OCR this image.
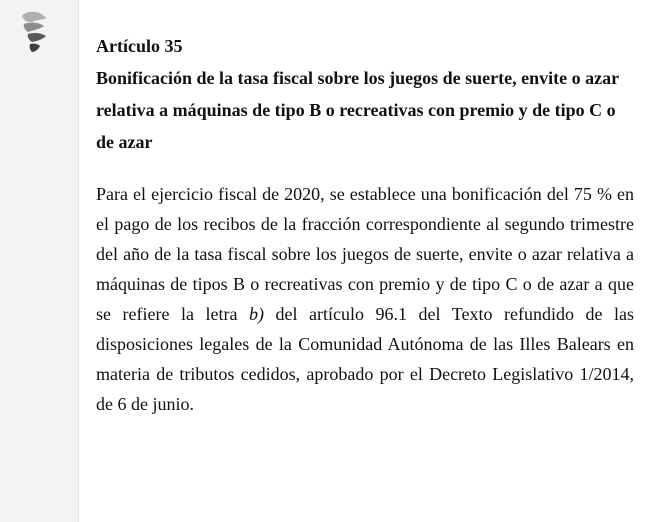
Artículo 35

Bonificación de la tasa fiscal sobre los juegos de suerte, envite o azar relativa a máquinas de tipo B o recreativas con premio y de tipo C o de azar

Para el ejercicio fiscal de 2020, se establece una bonificación del 75 % en el pago de los recibos de la fracción correspondiente al segundo trimestre del año de la tasa fiscal sobre los juegos de suerte, envite o azar relativa a máquinas de tipos B o recreativas con premio y de tipo C o de azar a que se refiere la letra b) del artículo 96.1 del Texto refundido de las disposiciones legales de la Comunidad Autónoma de las Illes Balears en materia de tributos cedidos, aprobado por el Decreto Legislativo 1/2014, de 6 de junio.
